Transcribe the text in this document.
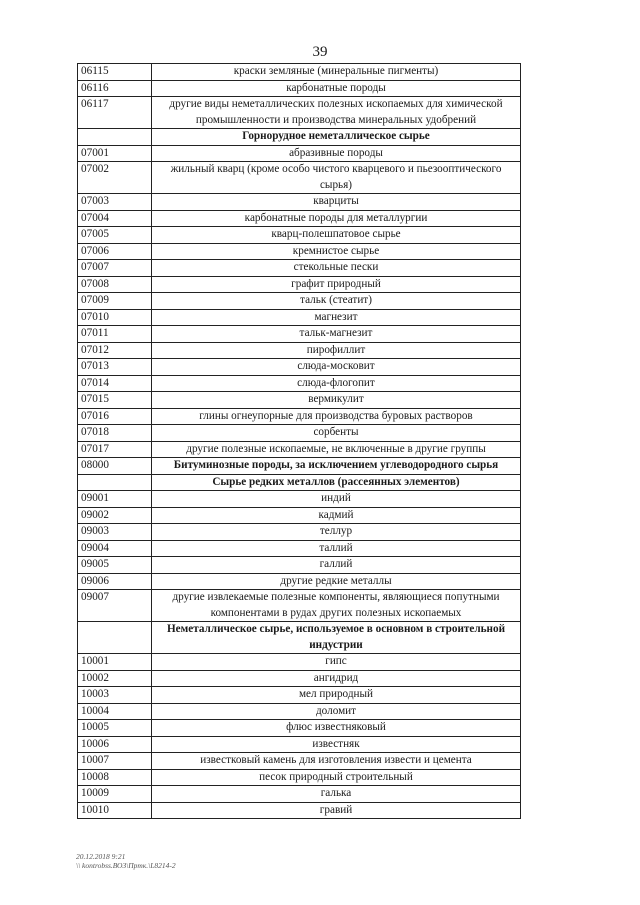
39
06115	краски земляные (минеральные пигменты)
06116	карбонатные породы
06117	другие виды неметаллических полезных ископаемых для химической промышленности и производства минеральных удобрений
	Горнорудное неметаллическое сырье
07001	абразивные породы
07002	жильный кварц (кроме особо чистого кварцевого и пьезооптического сырья)
07003	кварциты
07004	карбонатные породы для металлургии
07005	кварц-полешпатовое сырье
07006	кремнистое сырье
07007	стекольные пески
07008	графит природный
07009	тальк (стеатит)
07010	магнезит
07011	тальк-магнезит
07012	пирофиллит
07013	слюда-московит
07014	слюда-флогопит
07015	вермикулит
07016	глины огнеупорные для производства буровых растворов
07018	сорбенты
07017	другие полезные ископаемые, не включенные в другие группы
08000	Битуминозные породы, за исключением углеводородного сырья
	Сырье редких металлов (рассеянных элементов)
09001	индий
09002	кадмий
09003	теллур
09004	таллий
09005	галлий
09006	другие редкие металлы
09007	другие извлекаемые полезные компоненты, являющиеся попутными компонентами в рудах других полезных ископаемых
	Неметаллическое сырье, используемое в основном в строительной индустрии
10001	гипс
10002	ангидрид
10003	мел природный
10004	доломит
10005	флюс известняковый
10006	известняк
10007	известковый камень для изготовления извести и цемента
10008	песок природный строительный
10009	галька
10010	гравий
20.12.2018 9:21
\\ kontrobss.ВОЗ\Пртк.\L8214-2
